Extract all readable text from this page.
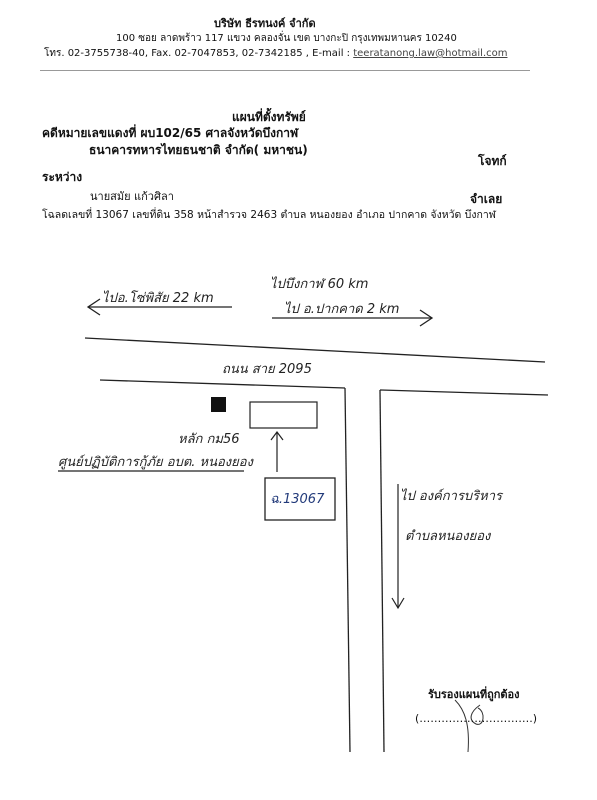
บริษัท ธีรทนงค์ จำกัด
100 ซอย ลาดพร้าว 117 แขวง คลองจั่น เขต บางกะปิ กรุงเทพมหานคร 10240
โทร. 02-3755738-40, Fax. 02-7047853, 02-7342185 , E-mail : teeratanong.law@hotmail.com
แผนที่ตั้งทรัพย์
คดีหมายเลขแดงที่ ผบ102/65 ศาลจังหวัดบึงกาฬ
ธนาคารทหารไทยธนชาติ จำกัด( มหาชน)
โจทก์
ระหว่าง
นายสมัย แก้วศิลา	จำเลย
โฉลดเลขที่ 13067 เลขที่ดิน 358 หน้าสำรวจ 2463 ตำบล หนองยอง อำเภอ ปากคาด จังหวัด บึงกาฬ
ไปอ.โซ่พิสัย 22 km
ไปบึงกาฬ 60 km
ไป อ.ปากคาด 2 km
ถนน สาย 2095
หลัก กม56
ศูนย์ปฏิบัติการกู้ภัย อบต. หนองยอง
ฉ.13067	ไป องค์การบริหาร
ตำบลหนองยอง
รับรองแผนที่ถูกต้อง
(………………………….)
